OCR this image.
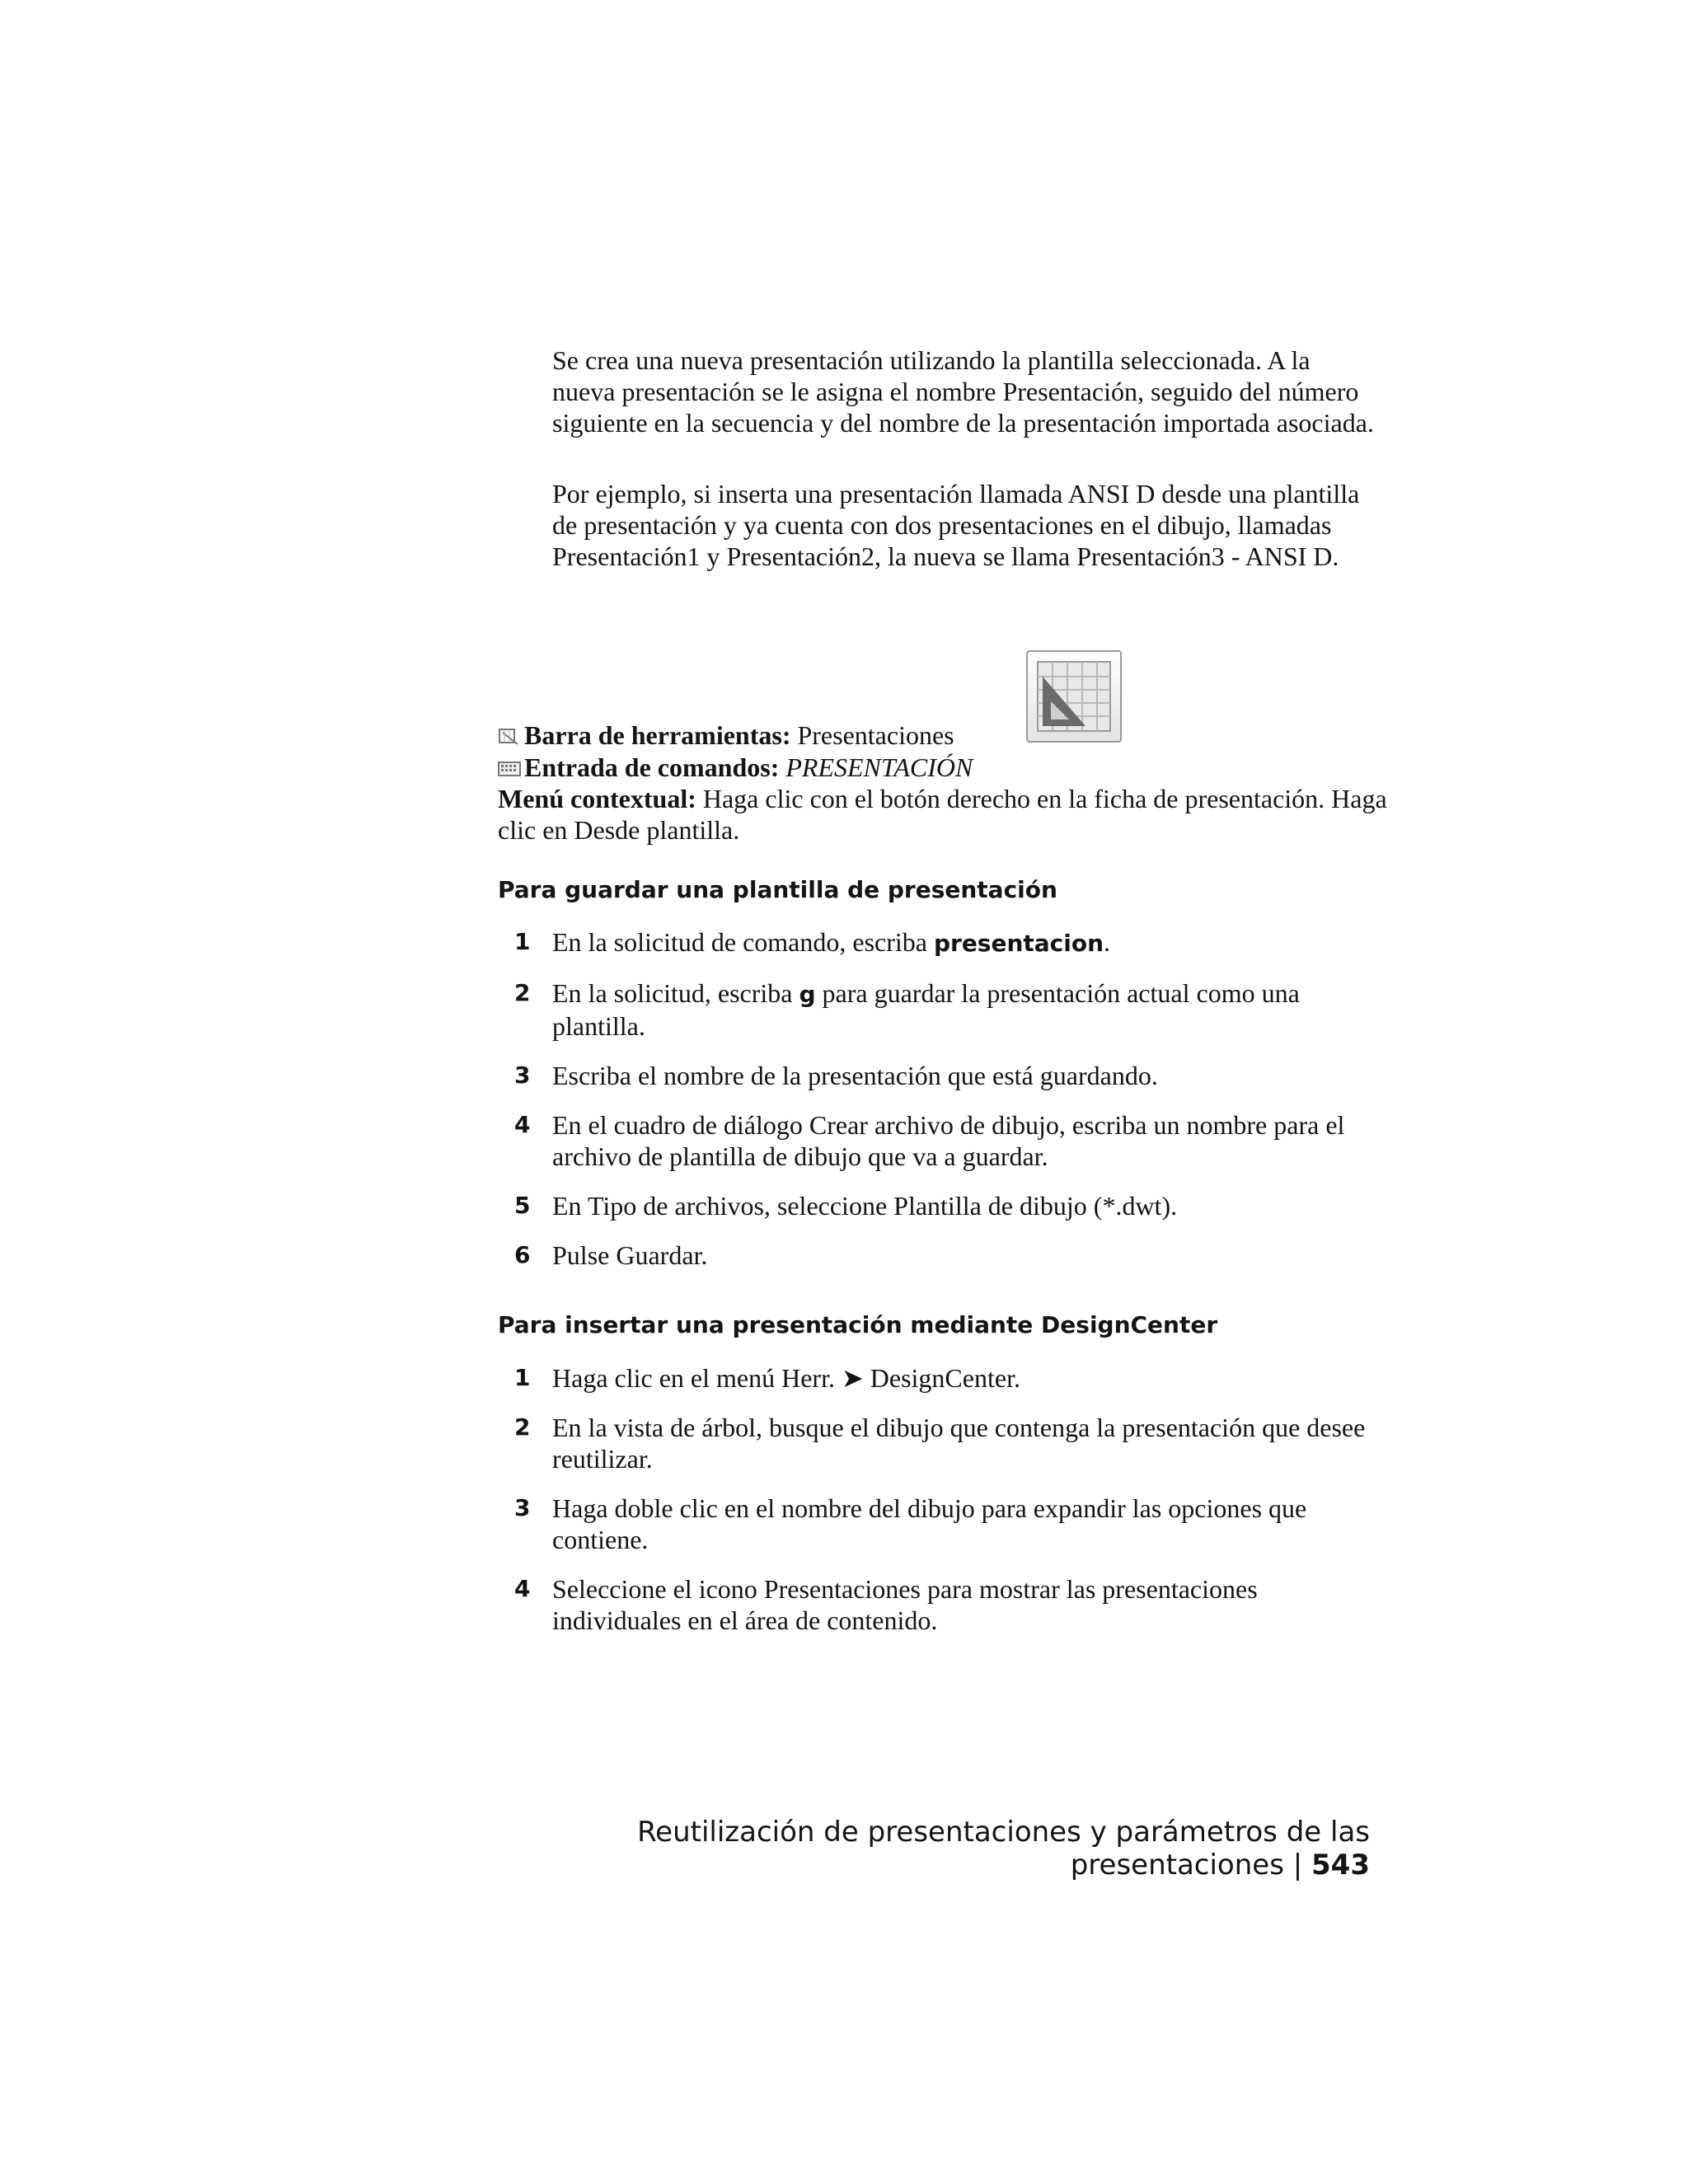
Se crea una nueva presentación utilizando la plantilla seleccionada. A la nueva presentación se le asigna el nombre Presentación, seguido del número siguiente en la secuencia y del nombre de la presentación importada asociada.

Por ejemplo, si inserta una presentación llamada ANSI D desde una plantilla de presentación y ya cuenta con dos presentaciones en el dibujo, llamadas Presentación1 y Presentación2, la nueva se llama Presentación3 - ANSI D.

Barra de herramientas: Presentaciones

Entrada de comandos: PRESENTACIÓN

Menú contextual: Haga clic con el botón derecho en la ficha de presentación. Haga clic en Desde plantilla.

Para guardar una plantilla de presentación
1 En la solicitud de comando, escriba presentacion.
2 En la solicitud, escriba g para guardar la presentación actual como una plantilla.
3 Escriba el nombre de la presentación que está guardando.
4 En el cuadro de diálogo Crear archivo de dibujo, escriba un nombre para el archivo de plantilla de dibujo que va a guardar.
5 En Tipo de archivos, seleccione Plantilla de dibujo (*.dwt).
6 Pulse Guardar.
Para insertar una presentación mediante DesignCenter
1 Haga clic en el menú Herr. ➤ DesignCenter.
2 En la vista de árbol, busque el dibujo que contenga la presentación que desee reutilizar.
3 Haga doble clic en el nombre del dibujo para expandir las opciones que contiene.
4 Seleccione el icono Presentaciones para mostrar las presentaciones individuales en el área de contenido.
Reutilización de presentaciones y parámetros de las presentaciones | 543
